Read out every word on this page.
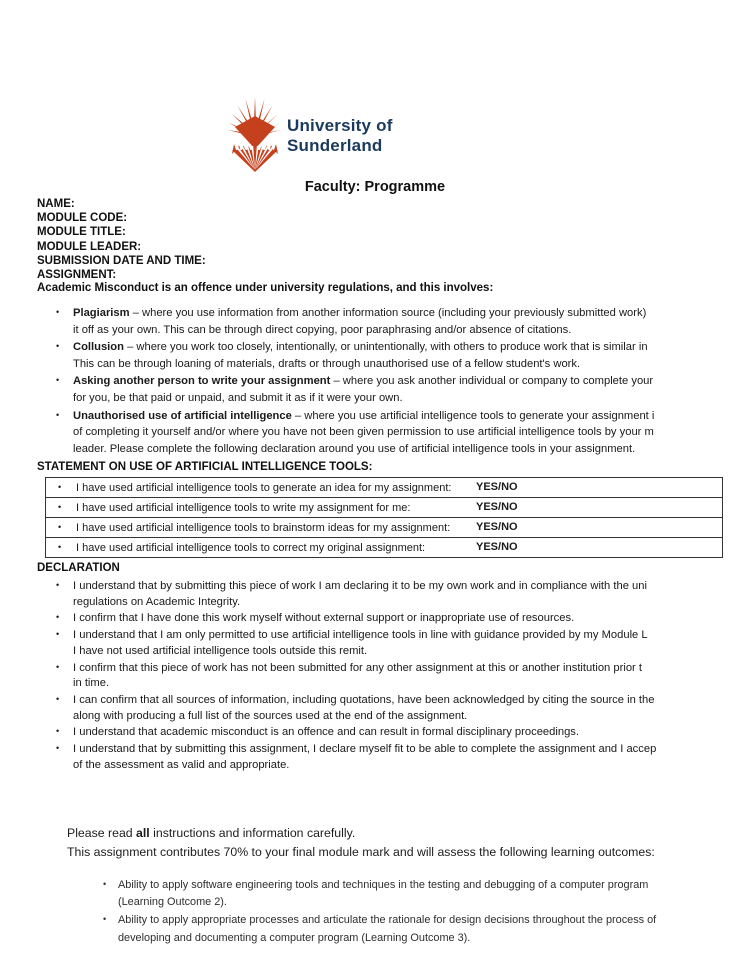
University of
Sunderland
Faculty: Programme
NAME:
MODULE CODE:
MODULE TITLE:
MODULE LEADER:
SUBMISSION DATE AND TIME:
ASSIGNMENT:
Academic Misconduct is an offence under university regulations, and this involves:
• Plagiarism – where you use information from another information source (including your previously submitted work)
it off as your own. This can be through direct copying, poor paraphrasing and/or absence of citations.
• Collusion – where you work too closely, intentionally, or unintentionally, with others to produce work that is similar in
This can be through loaning of materials, drafts or through unauthorised use of a fellow student's work.
• Asking another person to write your assignment – where you ask another individual or company to complete your
for you, be that paid or unpaid, and submit it as if it were your own.
• Unauthorised use of artificial intelligence – where you use artificial intelligence tools to generate your assignment i
of completing it yourself and/or where you have not been given permission to use artificial intelligence tools by your m
leader. Please complete the following declaration around you use of artificial intelligence tools in your assignment.
STATEMENT ON USE OF ARTIFICIAL INTELLIGENCE TOOLS:
• I have used artificial intelligence tools to generate an idea for my assignment: YES/NO
• I have used artificial intelligence tools to write my assignment for me:	YES/NO
• I have used artificial intelligence tools to brainstorm ideas for my assignment: YES/NO
• I have used artificial intelligence tools to correct my original assignment:	YES/NO
DECLARATION
• I understand that by submitting this piece of work I am declaring it to be my own work and in compliance with the uni
regulations on Academic Integrity.
• I confirm that I have done this work myself without external support or inappropriate use of resources.
• I understand that I am only permitted to use artificial intelligence tools in line with guidance provided by my Module L
I have not used artificial intelligence tools outside this remit.
• I confirm that this piece of work has not been submitted for any other assignment at this or another institution prior t
in time.
• I can confirm that all sources of information, including quotations, have been acknowledged by citing the source in the
along with producing a full list of the sources used at the end of the assignment.
• I understand that academic misconduct is an offence and can result in formal disciplinary proceedings.
• I understand that by submitting this assignment, I declare myself fit to be able to complete the assignment and I accep
of the assessment as valid and appropriate.
Please read all instructions and information carefully.
This assignment contributes 70% to your final module mark and will assess the following learning outcomes:
• Ability to apply software engineering tools and techniques in the testing and debugging of a computer program
(Learning Outcome 2).
• Ability to apply appropriate processes and articulate the rationale for design decisions throughout the process of
developing and documenting a computer program (Learning Outcome 3).
